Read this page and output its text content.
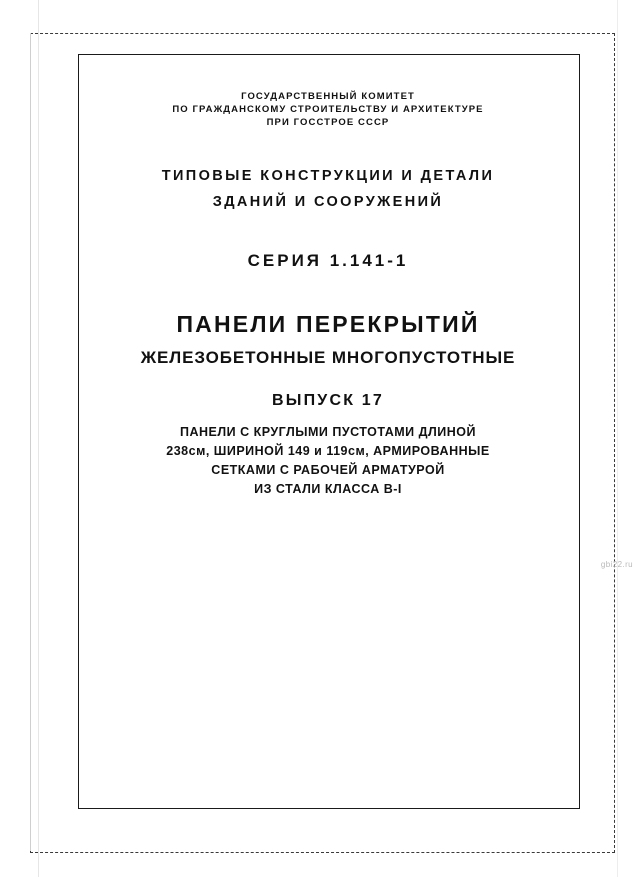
ГОСУДАРСТВЕННЫЙ КОМИТЕТ
ПО ГРАЖДАНСКОМУ СТРОИТЕЛЬСТВУ И АРХИТЕКТУРЕ
ПРИ ГОССТРОЕ СССР
ТИПОВЫЕ КОНСТРУКЦИИ И ДЕТАЛИ
ЗДАНИЙ И СООРУЖЕНИЙ
СЕРИЯ 1.141-1
ПАНЕЛИ ПЕРЕКРЫТИЙ
ЖЕЛЕЗОБЕТОННЫЕ МНОГОПУСТОТНЫЕ
ВЫПУСК 17
ПАНЕЛИ С КРУГЛЫМИ ПУСТОТАМИ ДЛИНОЙ
238см, ШИРИНОЙ 149 и 119см, АРМИРОВАННЫЕ
СЕТКАМИ С РАБОЧЕЙ АРМАТУРОЙ
ИЗ СТАЛИ КЛАССА В-I
gbi22.ru
